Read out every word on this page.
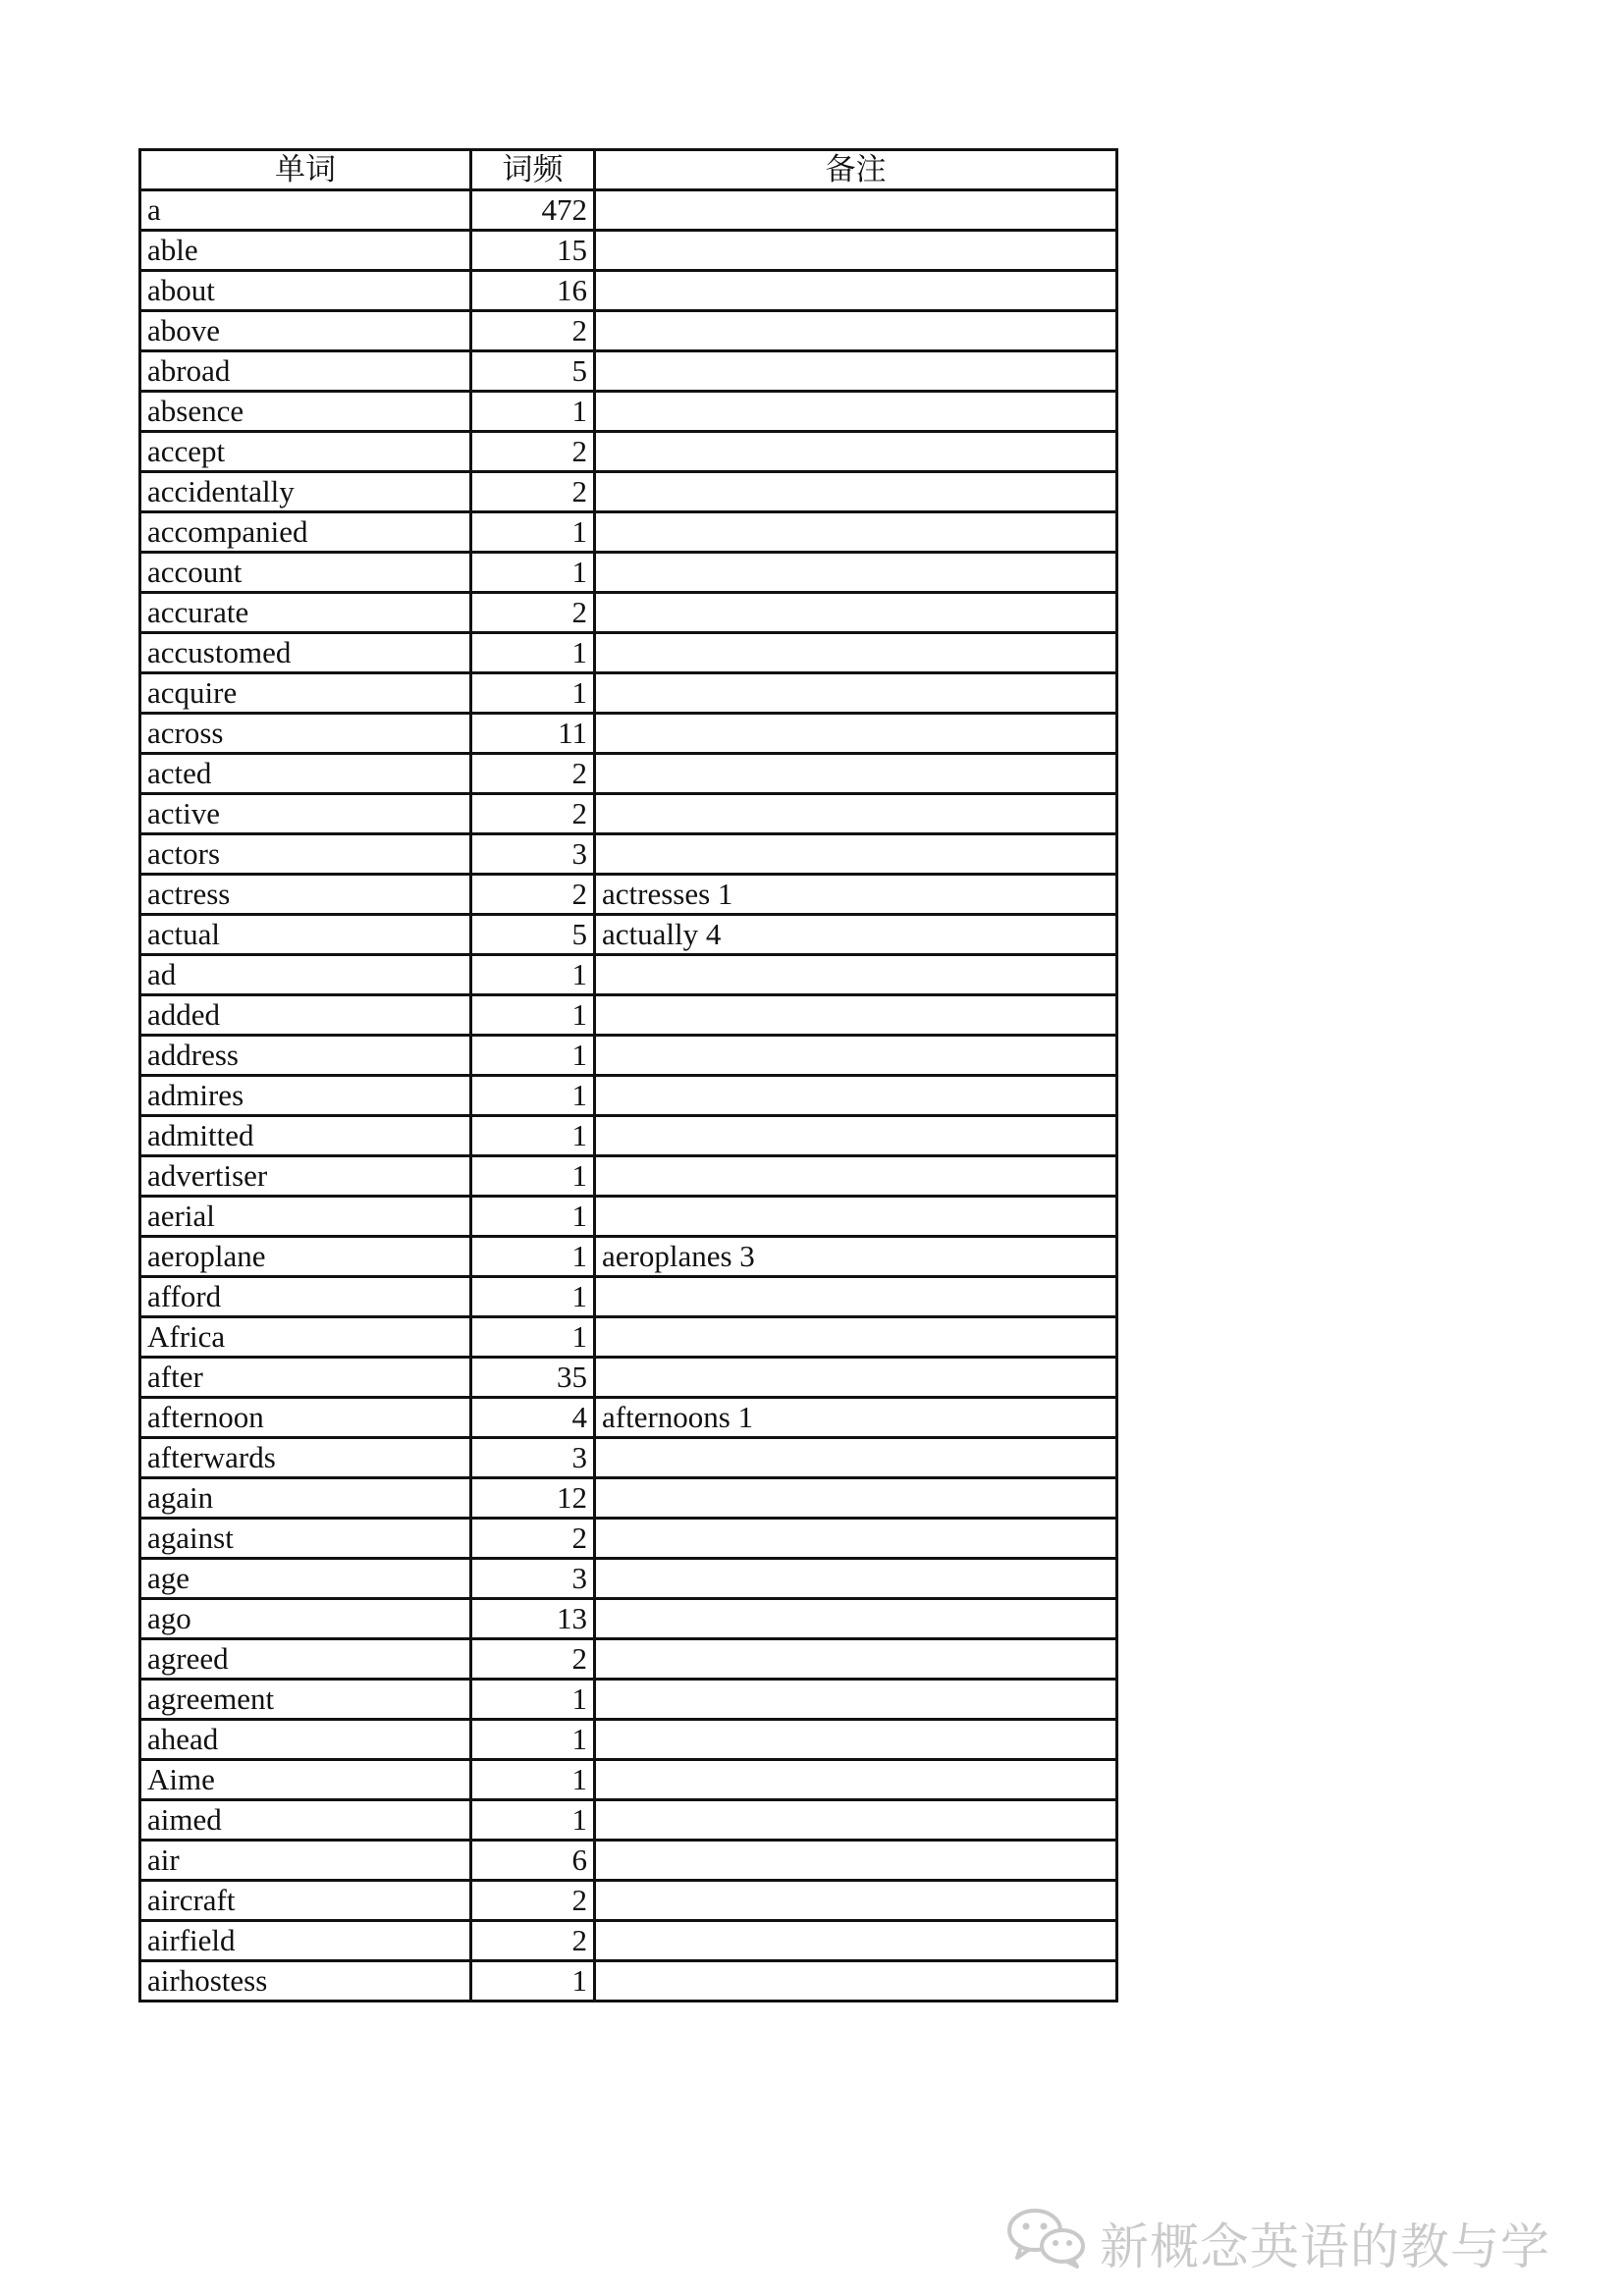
单词	词频	备注
a	472	
able	15	
about	16	
above	2	
abroad	5	
absence	1	
accept	2	
accidentally	2	
accompanied	1	
account	1	
accurate	2	
accustomed	1	
acquire	1	
across	11	
acted	2	
active	2	
actors	3	
actress	2	actresses 1
actual	5	actually 4
ad	1	
added	1	
address	1	
admires	1	
admitted	1	
advertiser	1	
aerial	1	
aeroplane	1	aeroplanes 3
afford	1	
Africa	1	
after	35	
afternoon	4	afternoons 1
afterwards	3	
again	12	
against	2	
age	3	
ago	13	
agreed	2	
agreement	1	
ahead	1	
Aime	1	
aimed	1	
air	6	
aircraft	2	
airfield	2	
airhostess	1	
新概念英语的教与学
